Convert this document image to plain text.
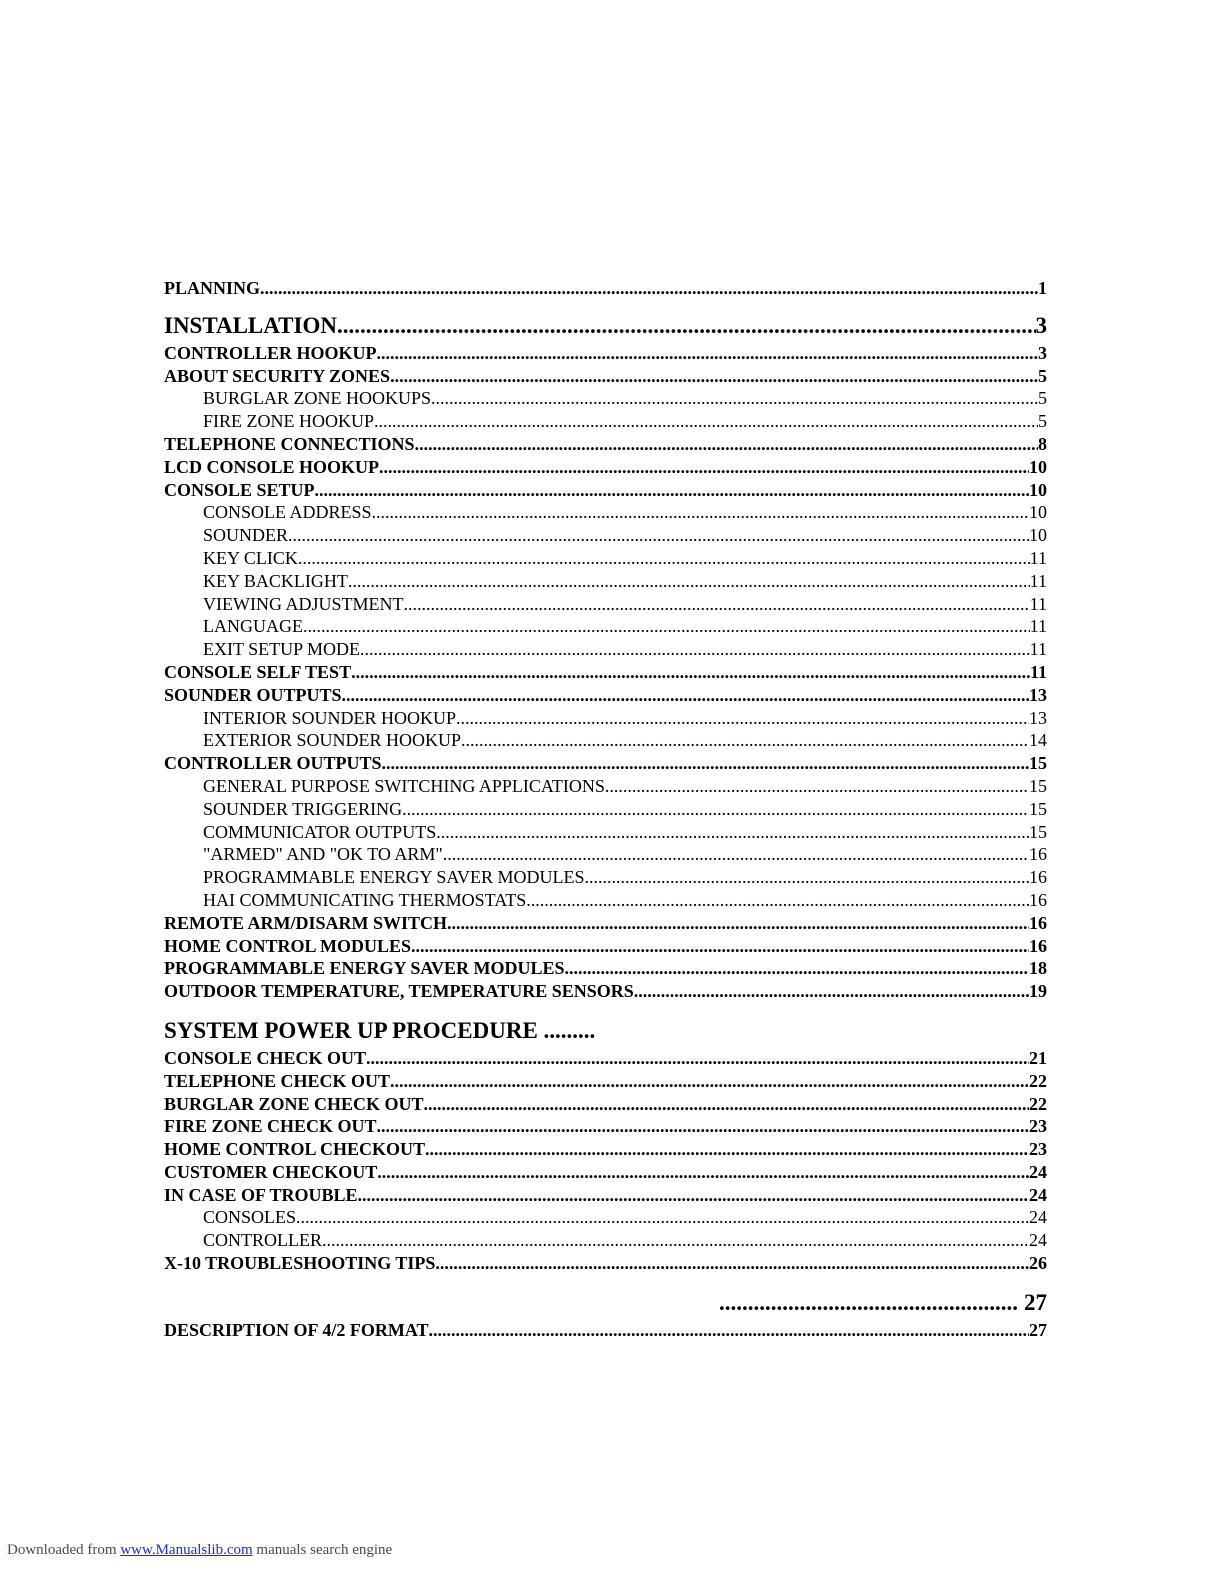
PLANNING .....	1
INSTALLATION .....	3
CONTROLLER HOOKUP .....	3
ABOUT SECURITY ZONES .....	5
BURGLAR ZONE HOOKUPS .....	5
FIRE ZONE HOOKUP .....	5
TELEPHONE CONNECTIONS .....	8
LCD CONSOLE HOOKUP .....	10
CONSOLE SETUP .....	10
CONSOLE ADDRESS .....	10
SOUNDER .....	10
KEY CLICK .....	11
KEY BACKLIGHT .....	11
VIEWING ADJUSTMENT .....	11
LANGUAGE .....	11
EXIT SETUP MODE .....	11
CONSOLE SELF TEST .....	11
SOUNDER OUTPUTS .....	13
INTERIOR SOUNDER HOOKUP .....	13
EXTERIOR SOUNDER HOOKUP .....	14
CONTROLLER OUTPUTS .....	15
GENERAL PURPOSE SWITCHING APPLICATIONS .....	15
SOUNDER TRIGGERING .....	15
COMMUNICATOR OUTPUTS .....	15
"ARMED" AND "OK TO ARM" .....	16
PROGRAMMABLE ENERGY SAVER MODULES .....	16
HAI COMMUNICATING THERMOSTATS .....	16
REMOTE ARM/DISARM SWITCH .....	16
HOME CONTROL MODULES .....	16
PROGRAMMABLE ENERGY SAVER MODULES .....	18
OUTDOOR TEMPERATURE, TEMPERATURE SENSORS .....	19
SYSTEM POWER UP PROCEDURE .........
CONSOLE CHECK OUT .....	21
TELEPHONE CHECK OUT .....	22
BURGLAR ZONE CHECK OUT .....	22
FIRE ZONE CHECK OUT .....	23
HOME CONTROL CHECKOUT .....	23
CUSTOMER CHECKOUT .....	24
IN CASE OF TROUBLE .....	24
CONSOLES .....	24
CONTROLLER .....	24
X-10 TROUBLESHOOTING TIPS .....	26
.................................................... 27
DESCRIPTION OF 4/2 FORMAT .....	27
Downloaded from www.Manualslib.com manuals search engine
